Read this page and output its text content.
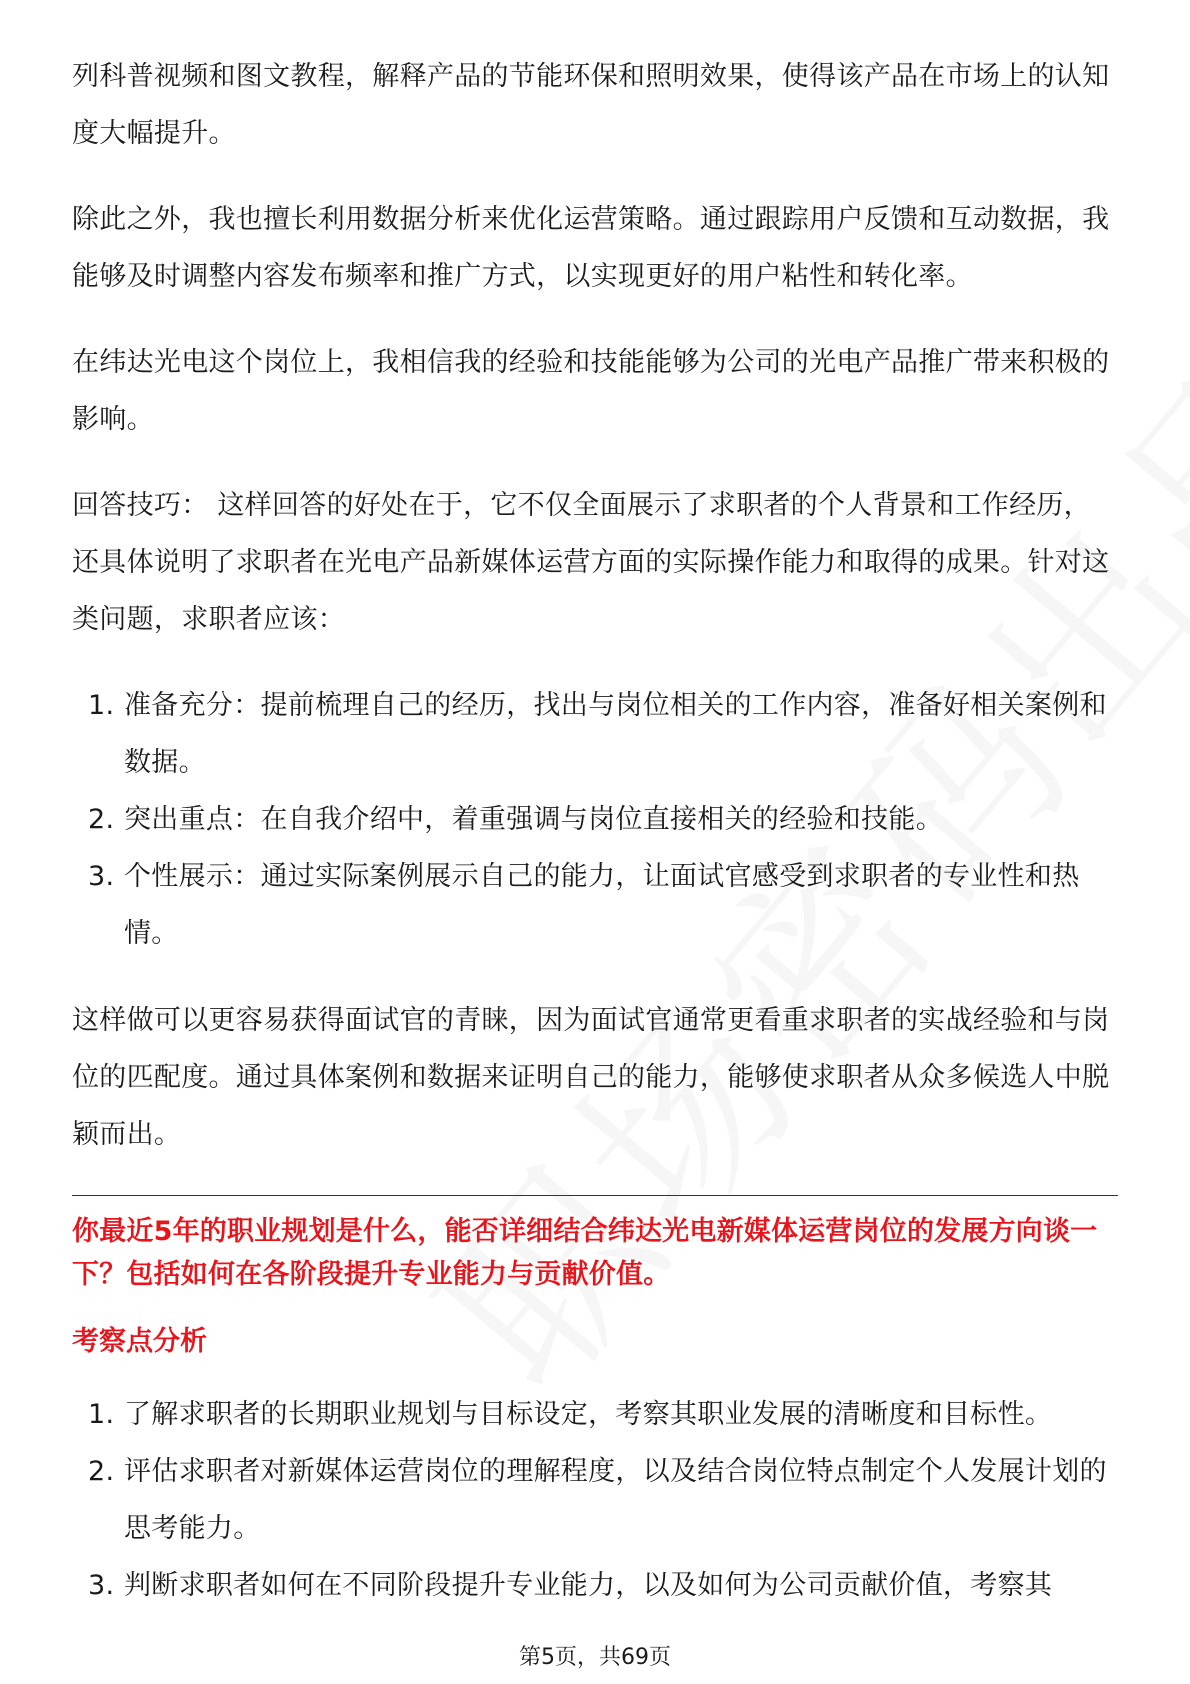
列科普视频和图文教程，解释产品的节能环保和照明效果，使得该产品在市场上的认知度大幅提升。

除此之外，我也擅长利用数据分析来优化运营策略。通过跟踪用户反馈和互动数据，我能够及时调整内容发布频率和推广方式，以实现更好的用户粘性和转化率。

在纬达光电这个岗位上，我相信我的经验和技能能够为公司的光电产品推广带来积极的影响。

回答技巧： 这样回答的好处在于，它不仅全面展示了求职者的个人背景和工作经历，还具体说明了求职者在光电产品新媒体运营方面的实际操作能力和取得的成果。针对这类问题，求职者应该：

1. 准备充分：提前梳理自己的经历，找出与岗位相关的工作内容，准备好相关案例和数据。
2. 突出重点：在自我介绍中，着重强调与岗位直接相关的经验和技能。
3. 个性展示：通过实际案例展示自己的能力，让面试官感受到求职者的专业性和热情。

这样做可以更容易获得面试官的青睐，因为面试官通常更看重求职者的实战经验和与岗位的匹配度。通过具体案例和数据来证明自己的能力，能够使求职者从众多候选人中脱颖而出。

你最近5年的职业规划是什么，能否详细结合纬达光电新媒体运营岗位的发展方向谈一下？包括如何在各阶段提升专业能力与贡献价值。

考察点分析
1. 了解求职者的长期职业规划与目标设定，考察其职业发展的清晰度和目标性。
2. 评估求职者对新媒体运营岗位的理解程度，以及结合岗位特点制定个人发展计划的思考能力。
3. 判断求职者如何在不同阶段提升专业能力，以及如何为公司贡献价值，考察其
第5页，共69页
